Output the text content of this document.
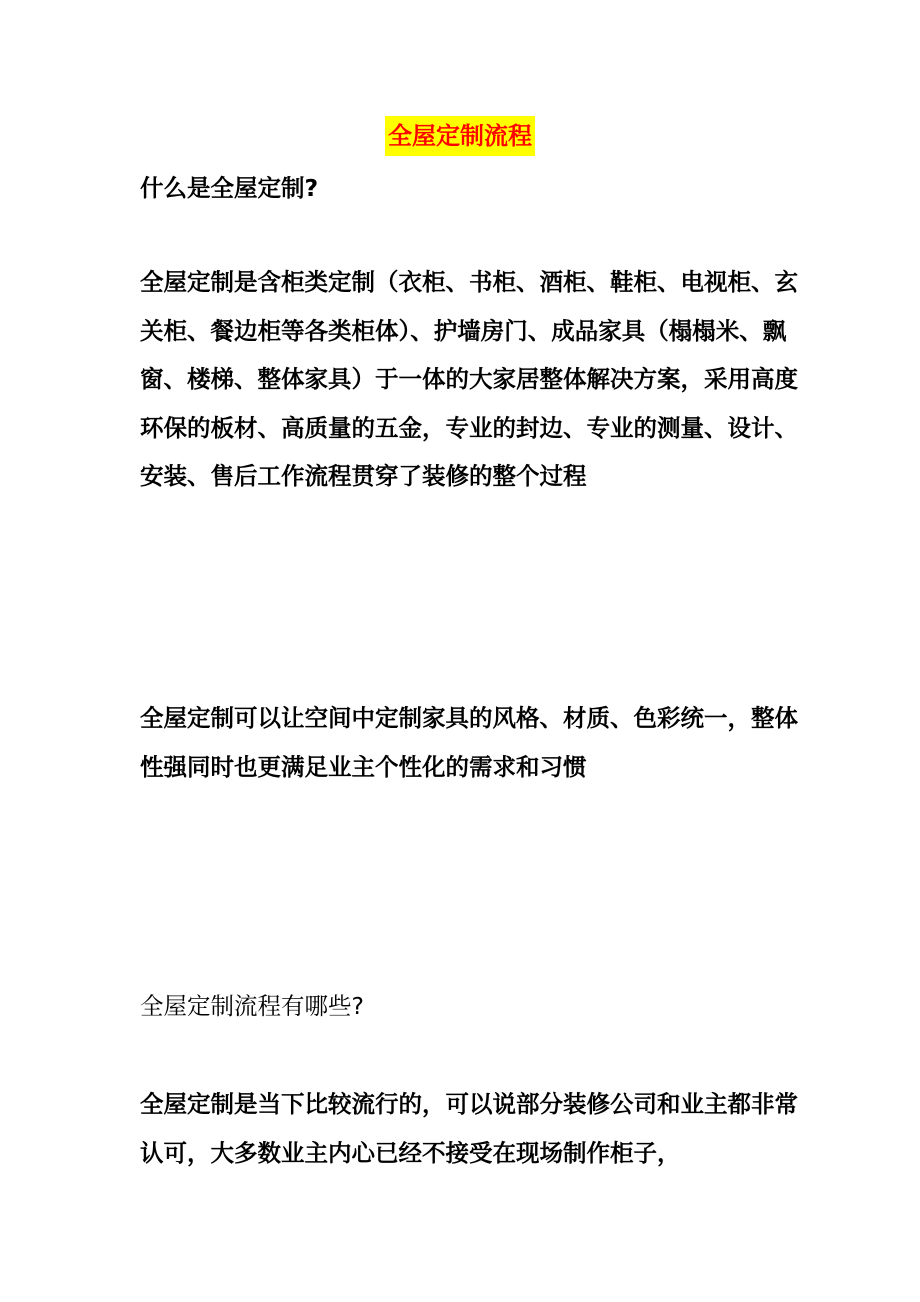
全屋定制流程

什么是全屋定制?

全屋定制是含柜类定制（衣柜、书柜、酒柜、鞋柜、电视柜、玄关柜、餐边柜等各类柜体）、护墙房门、成品家具（榻榻米、飘窗、楼梯、整体家具）于一体的大家居整体解决方案，采用高度环保的板材、高质量的五金，专业的封边、专业的测量、设计、安装、售后工作流程贯穿了装修的整个过程

全屋定制可以让空间中定制家具的风格、材质、色彩统一，整体性强同时也更满足业主个性化的需求和习惯

全屋定制流程有哪些?

全屋定制是当下比较流行的，可以说部分装修公司和业主都非常认可，大多数业主内心已经不接受在现场制作柜子，
